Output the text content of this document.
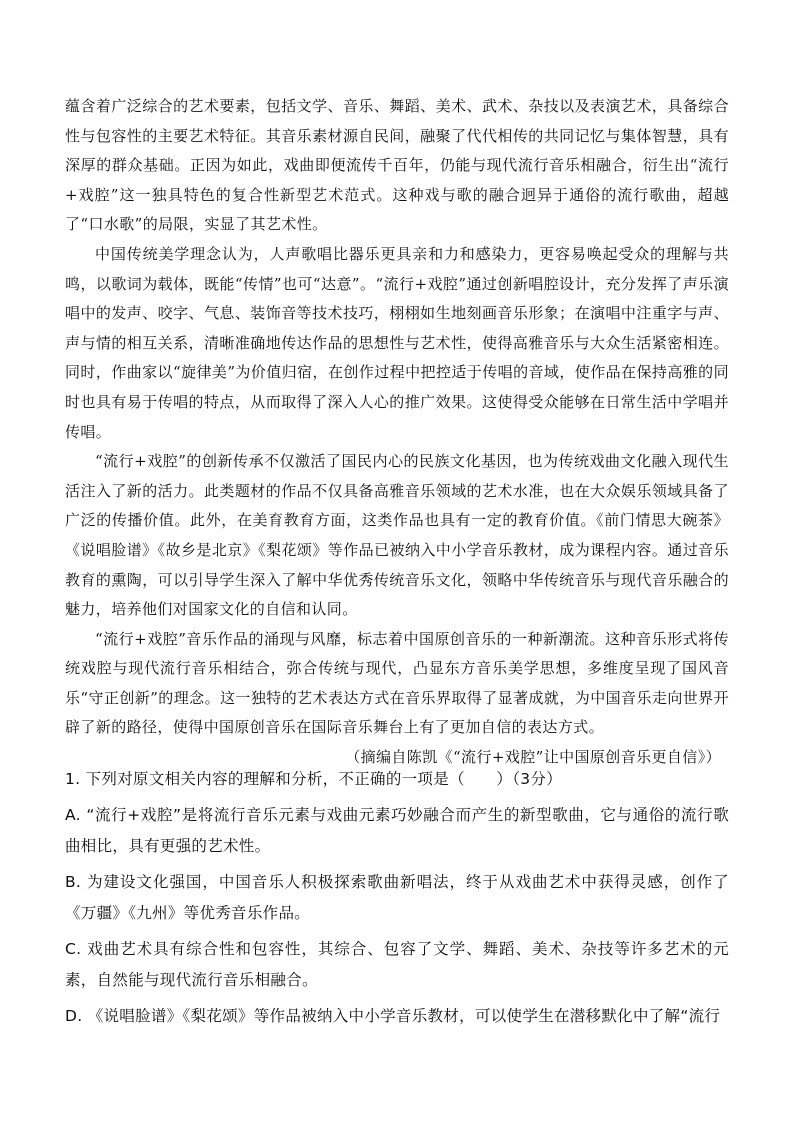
蕴含着广泛综合的艺术要素，包括文学、音乐、舞蹈、美术、武术、杂技以及表演艺术，具备综合性与包容性的主要艺术特征。其音乐素材源自民间，融聚了代代相传的共同记忆与集体智慧，具有深厚的群众基础。正因为如此，戏曲即便流传千百年，仍能与现代流行音乐相融合，衍生出“流行+戏腔”这一独具特色的复合性新型艺术范式。这种戏与歌的融合迥异于通俗的流行歌曲，超越了“口水歌”的局限，实显了其艺术性。

中国传统美学理念认为，人声歌唱比器乐更具亲和力和感染力，更容易唤起受众的理解与共鸣，以歌词为载体，既能“传情”也可“达意”。“流行+戏腔”通过创新唱腔设计，充分发挥了声乐演唱中的发声、咬字、气息、装饰音等技术技巧，栩栩如生地刻画音乐形象；在演唱中注重字与声、声与情的相互关系，清晰准确地传达作品的思想性与艺术性，使得高雅音乐与大众生活紧密相连。同时，作曲家以“旋律美”为价值归宿，在创作过程中把控适于传唱的音域，使作品在保持高雅的同时也具有易于传唱的特点，从而取得了深入人心的推广效果。这使得受众能够在日常生活中学唱并传唱。

“流行+戏腔”的创新传承不仅激活了国民内心的民族文化基因，也为传统戏曲文化融入现代生活注入了新的活力。此类题材的作品不仅具备高雅音乐领域的艺术水准，也在大众娱乐领域具备了广泛的传播价值。此外，在美育教育方面，这类作品也具有一定的教育价值。《前门情思大碗茶》《说唱脸谱》《故乡是北京》《梨花颂》等作品已被纳入中小学音乐教材，成为课程内容。通过音乐教育的熏陶，可以引导学生深入了解中华优秀传统音乐文化，领略中华传统音乐与现代音乐融合的魅力，培养他们对国家文化的自信和认同。

“流行+戏腔”音乐作品的涌现与风靡，标志着中国原创音乐的一种新潮流。这种音乐形式将传统戏腔与现代流行音乐相结合，弥合传统与现代，凸显东方音乐美学思想，多维度呈现了国风音乐“守正创新”的理念。这一独特的艺术表达方式在音乐界取得了显著成就，为中国音乐走向世界开辟了新的路径，使得中国原创音乐在国际音乐舞台上有了更加自信的表达方式。

（摘编自陈凯《“流行+戏腔”让中国原创音乐更自信》）

1. 下列对原文相关内容的理解和分析，不正确的一项是（　　）（3分）

A. “流行+戏腔”是将流行音乐元素与戏曲元素巧妙融合而产生的新型歌曲，它与通俗的流行歌曲相比，具有更强的艺术性。

B. 为建设文化强国，中国音乐人积极探索歌曲新唱法，终于从戏曲艺术中获得灵感，创作了《万疆》《九州》等优秀音乐作品。

C. 戏曲艺术具有综合性和包容性，其综合、包容了文学、舞蹈、美术、杂技等许多艺术的元素，自然能与现代流行音乐相融合。

D. 《说唱脸谱》《梨花颂》等作品被纳入中小学音乐教材，可以使学生在潜移默化中了解“流行
